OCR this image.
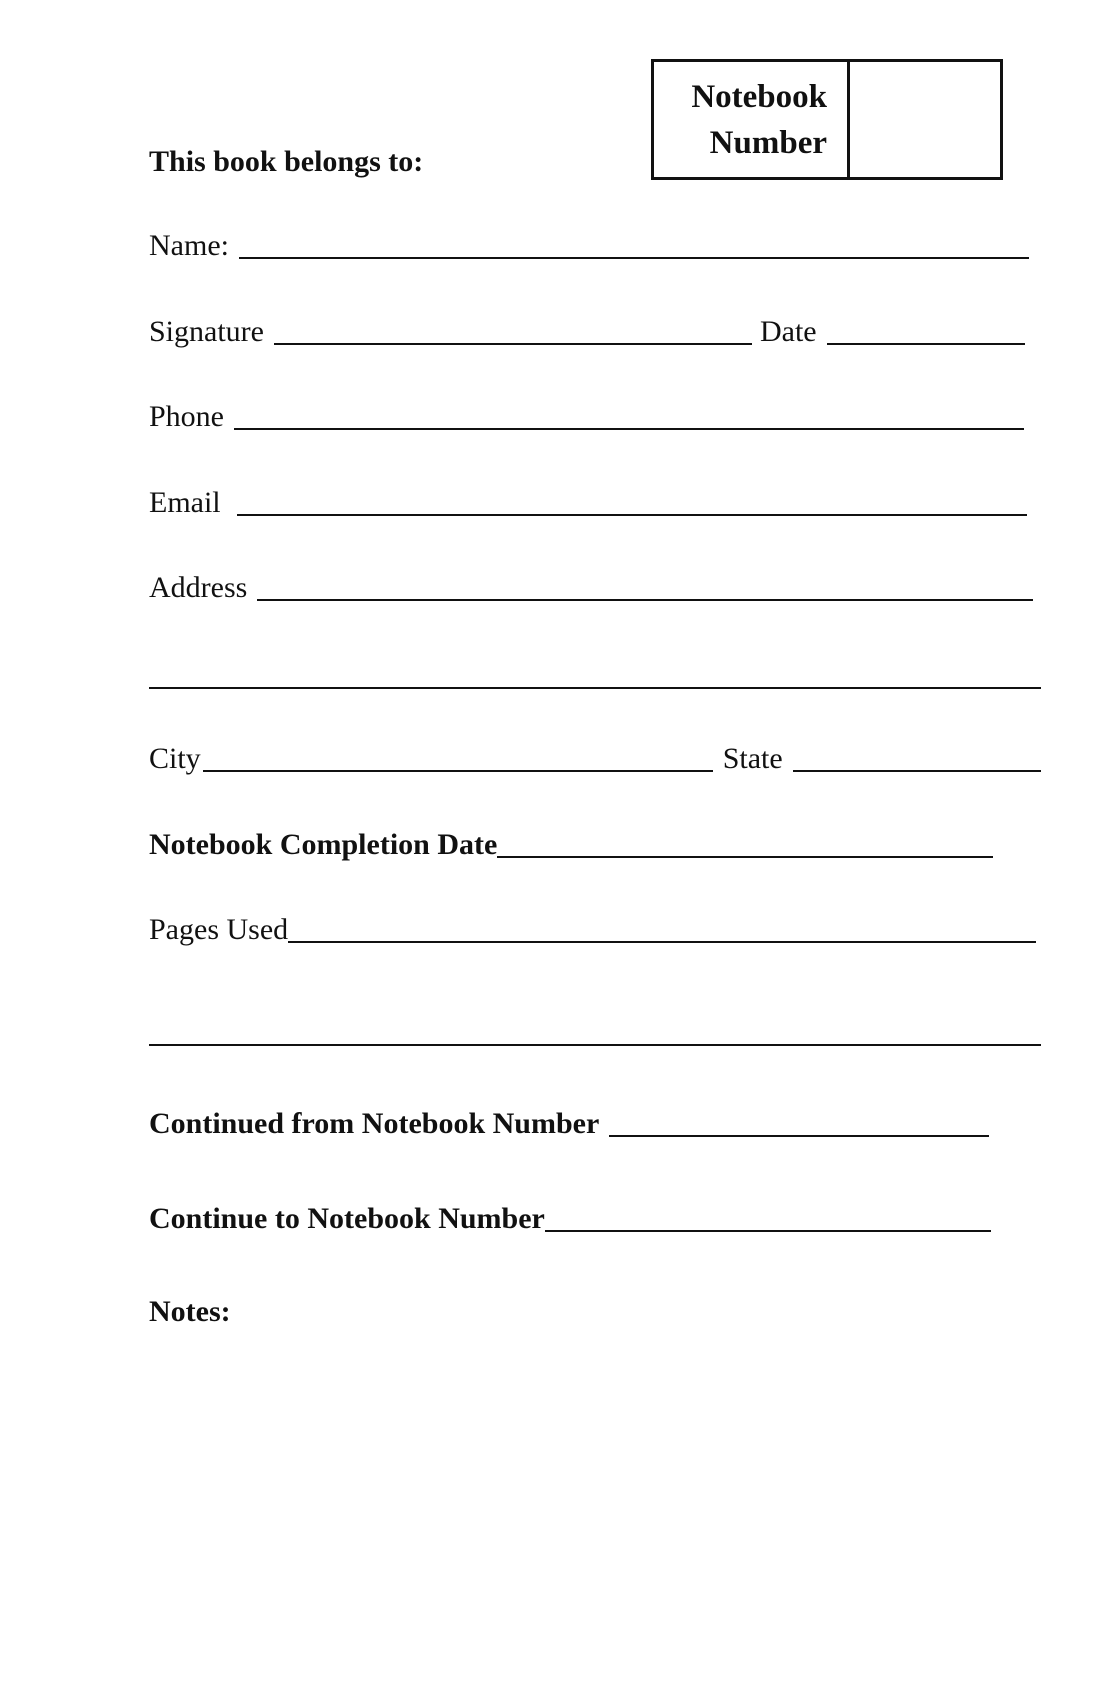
Notebook
Number
This book belongs to:
Name:
Signature	Date
Phone
Email
Address
City	State
Notebook Completion Date
Pages Used
Continued from Notebook Number
Continue to Notebook Number
Notes:
